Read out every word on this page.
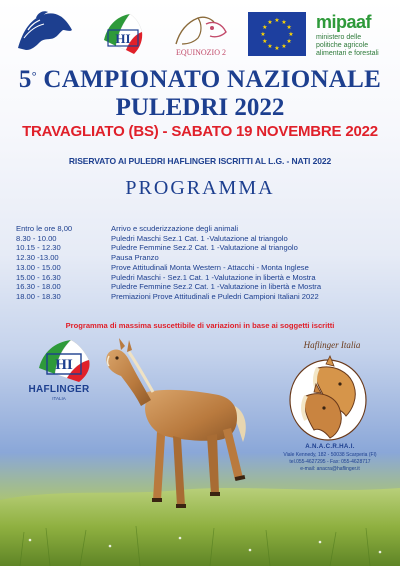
HI
EQUINOZIO 2
★ ★
★
★
★
★
★
★
★
★
★
★ mipaaf
ministero delle
politiche agricole
alimentari e forestali
5° CAMPIONATO NAZIONALE
PULEDRI 2022
TRAVAGLIATO (BS) - SABATO 19 NOVEMBRE 2022
RISERVATO AI PULEDRI HAFLINGER ISCRITTI AL L.G. - NATI 2022
PROGRAMMA
Entro le ore 8,00	Arrivo e scuderizzazione degli animali
8.30 - 10.00	Puledri Maschi Sez.1 Cat. 1 -Valutazione al triangolo
10.15 - 12.30	Puledre Femmine Sez.2 Cat. 1 -Valutazione al triangolo
12.30 -13.00	Pausa Pranzo
13.00 - 15.00	Prove Attitudinali Monta Western - Attacchi - Monta Inglese
15.00 - 16.30	Puledri Maschi - Sez.1 Cat. 1 -Valutazione in libertà e Mostra
16.30 - 18.00	Puledre Femmine Sez.2 Cat. 1 -Valutazione in libertà e Mostra
18.00 - 18.30	Premiazioni Prove Attitudinali e Puledri Campioni Italiani 2022
Programma di massima suscettibile di variazioni in base ai soggetti iscritti
HI
HAFLINGER
ITALIA
Haflinger Italia
A.N.A.C.R.HA.I.
Viale Kennedy, 182 - 50038 Scarperia (FI)
tel.055-4627295 - Fax: 055-4628717
e-mail: anacra@haflinger.it
